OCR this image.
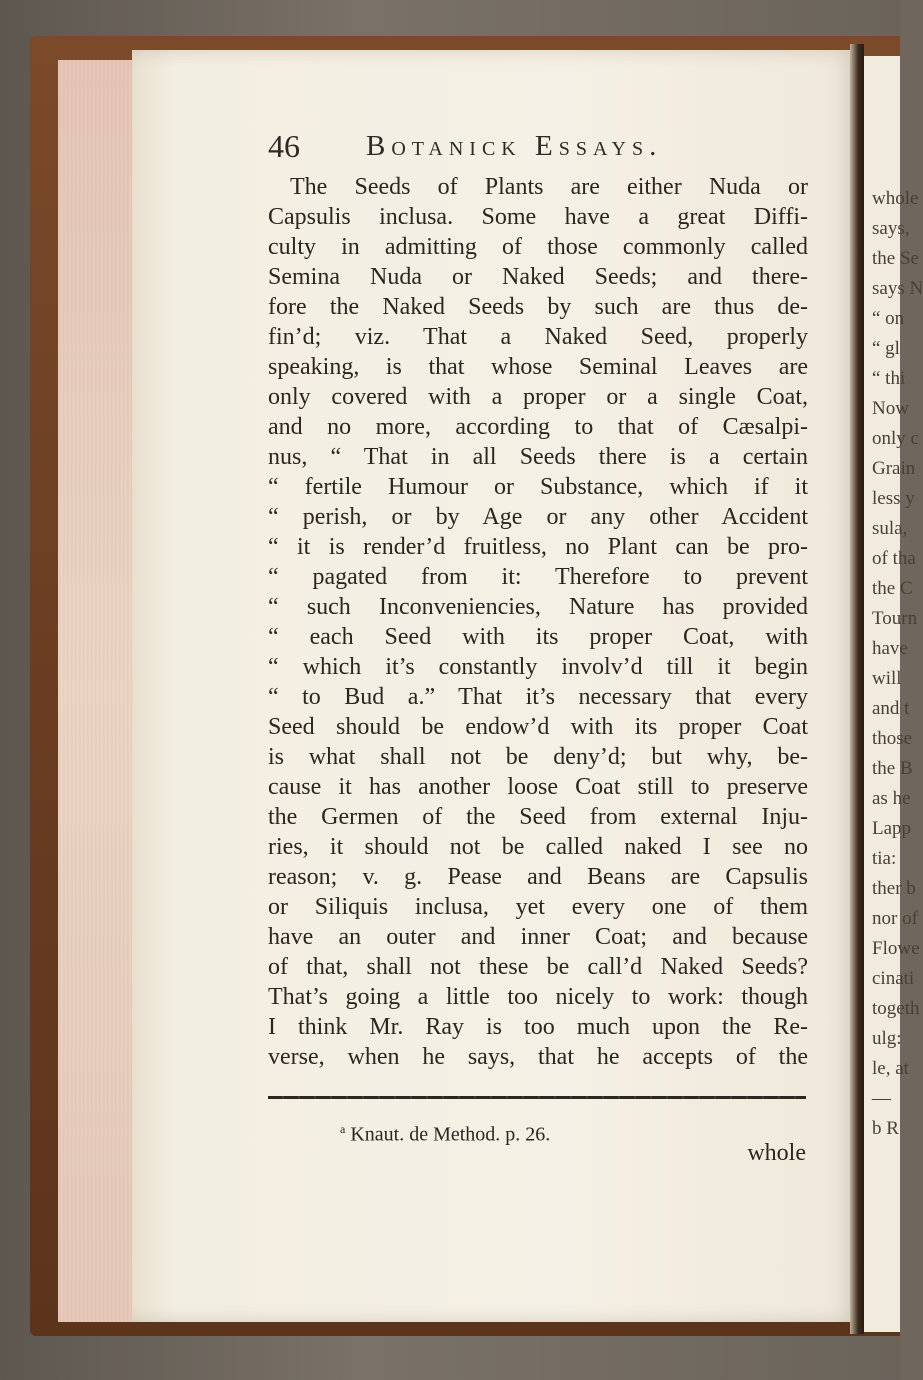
whole
says,
the Se
says N
“ on
“ gl
“ thi
Now
only c
Grain
less y
sula,
of tha
the C
Tourn
have
will
and t
those
the B
as he
Lapp
tia:
ther b
nor of
Flowe
cinati
togeth
ulg:
le, at
—
b R
46 Botanick Essays.
The Seeds of Plants are either Nuda or
Capsulis inclusa. Some have a great Diffi-
culty in admitting of those commonly called
Semina Nuda or Naked Seeds; and there-
fore the Naked Seeds by such are thus de-
fin’d; viz. That a Naked Seed, properly
speaking, is that whose Seminal Leaves are
only covered with a proper or a single Coat,
and no more, according to that of Cæsalpi-
nus, “ That in all Seeds there is a certain
“ fertile Humour or Substance, which if it
“ perish, or by Age or any other Accident
“ it is render’d fruitless, no Plant can be pro-
“ pagated from it: Therefore to prevent
“ such Inconveniencies, Nature has provided
“ each Seed with its proper Coat, with
“ which it’s constantly involv’d till it begin
“ to Bud a.” That it’s necessary that every
Seed should be endow’d with its proper Coat
is what shall not be deny’d; but why, be-
cause it has another loose Coat still to preserve
the Germen of the Seed from external Inju-
ries, it should not be called naked I see no
reason; v. g. Pease and Beans are Capsulis
or Siliquis inclusa, yet every one of them
have an outer and inner Coat; and because
of that, shall not these be call’d Naked Seeds?
That’s going a little too nicely to work: though
I think Mr. Ray is too much upon the Re-
verse, when he says, that he accepts of the
$^a$ Knaut. de Method. p. 26.
whole
